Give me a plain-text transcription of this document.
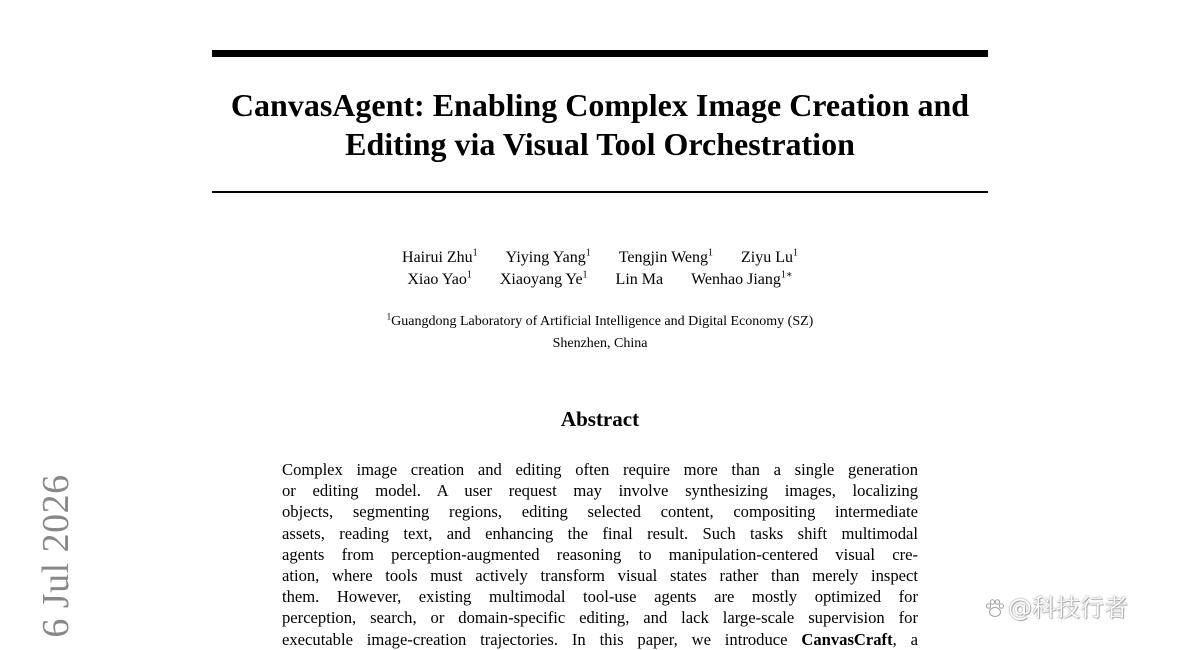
CanvasAgent: Enabling Complex Image Creation and
Editing via Visual Tool Orchestration
Hairui Zhu$^1$ Yiying Yang$^1$ Tengjin Weng$^1$ Ziyu Lu$^1$
Xiao Yao$^1$ Xiaoyang Ye$^1$ Lin Ma Wenhao Jiang$^{1∗}$
$^1$Guangdong Laboratory of Artificial Intelligence and Digital Economy (SZ)
Shenzhen, China
Abstract
Complex image creation and editing often require more than a single generation
or editing model. A user request may involve synthesizing images, localizing
objects, segmenting regions, editing selected content, compositing intermediate
assets, reading text, and enhancing the final result. Such tasks shift multimodal
agents from perception-augmented reasoning to manipulation-centered visual cre-
ation, where tools must actively transform visual states rather than merely inspect
them. However, existing multimodal tool-use agents are mostly optimized for
perception, search, or domain-specific editing, and lack large-scale supervision for
executable image-creation trajectories. In this paper, we introduce CanvasCraft, a
6 Jul 2026	@科技行者
